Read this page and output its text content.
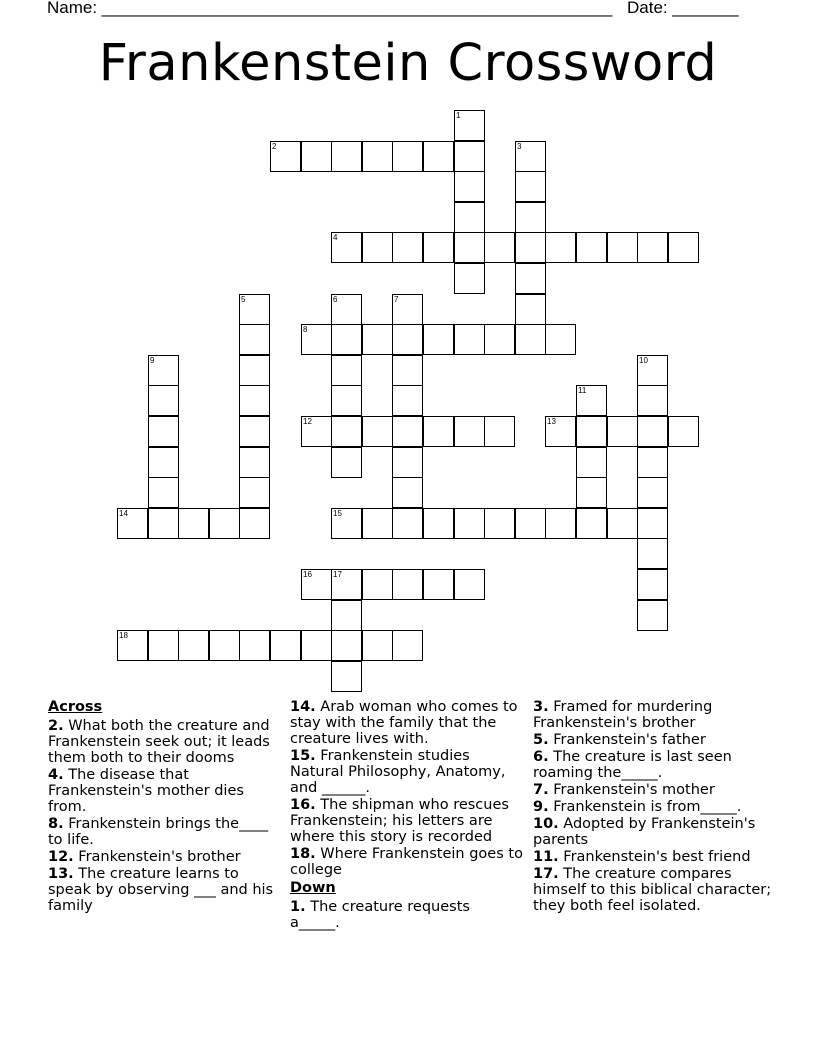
Name: ______________________________________________________ Date: _______
Frankenstein Crossword
1
2	3
4
5	6	7
8
9	10
11
12	13
14	15
16	17
18
Across
2. What both the creature and Frankenstein seek out; it leads them both to their dooms
4. The disease that Frankenstein's mother dies from.
8. Frankenstein brings the____ to life.
12. Frankenstein's brother
13. The creature learns to speak by observing ___ and his family
14. Arab woman who comes to stay with the family that the creature lives with.
15. Frankenstein studies Natural Philosophy, Anatomy, and ______.
16. The shipman who rescues Frankenstein; his letters are where this story is recorded
18. Where Frankenstein goes to college
Down
1. The creature requests a_____.
3. Framed for murdering Frankenstein's brother
5. Frankenstein's father
6. The creature is last seen roaming the_____.
7. Frankenstein's mother
9. Frankenstein is from_____.
10. Adopted by Frankenstein's parents
11. Frankenstein's best friend
17. The creature compares himself to this biblical character; they both feel isolated.
